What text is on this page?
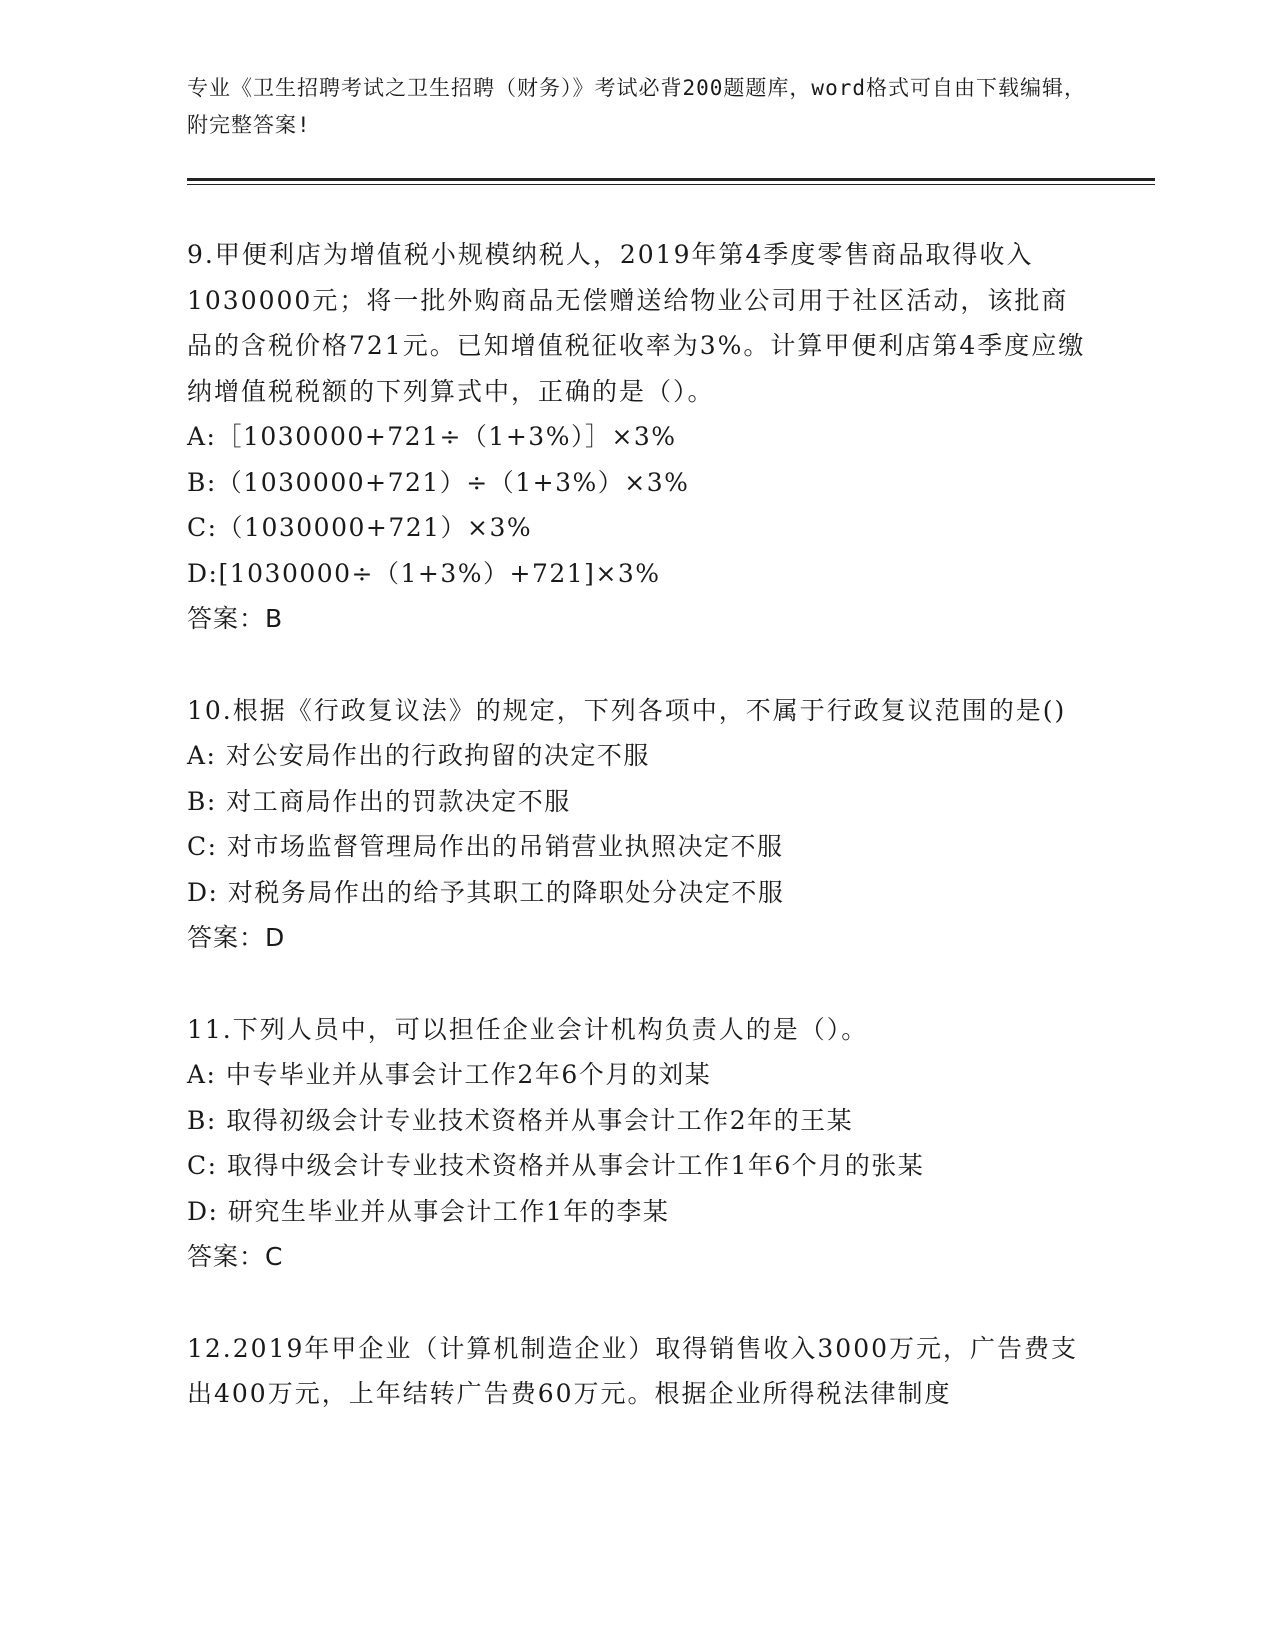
专业《卫生招聘考试之卫生招聘（财务）》考试必背200题题库，word格式可自由下载编辑，附完整答案!
9.甲便利店为增值税小规模纳税人，2019年第4季度零售商品取得收入1030000元；将一批外购商品无偿赠送给物业公司用于社区活动，该批商品的含税价格721元。已知增值税征收率为3%。计算甲便利店第4季度应缴纳增值税税额的下列算式中，正确的是（）。
A:［1030000+721÷（1+3%）］×3%
B:（1030000+721）÷（1+3%）×3%
C:（1030000+721）×3%
D:[1030000÷（1+3%）+721]×3%
答案：B
10.根据《行政复议法》的规定，下列各项中，不属于行政复议范围的是()
A: 对公安局作出的行政拘留的决定不服
B: 对工商局作出的罚款决定不服
C: 对市场监督管理局作出的吊销营业执照决定不服
D: 对税务局作出的给予其职工的降职处分决定不服
答案：D
11.下列人员中，可以担任企业会计机构负责人的是（）。
A: 中专毕业并从事会计工作2年6个月的刘某
B: 取得初级会计专业技术资格并从事会计工作2年的王某
C: 取得中级会计专业技术资格并从事会计工作1年6个月的张某
D: 研究生毕业并从事会计工作1年的李某
答案：C
12.2019年甲企业（计算机制造企业）取得销售收入3000万元，广告费支出400万元，上年结转广告费60万元。根据企业所得税法律制度
